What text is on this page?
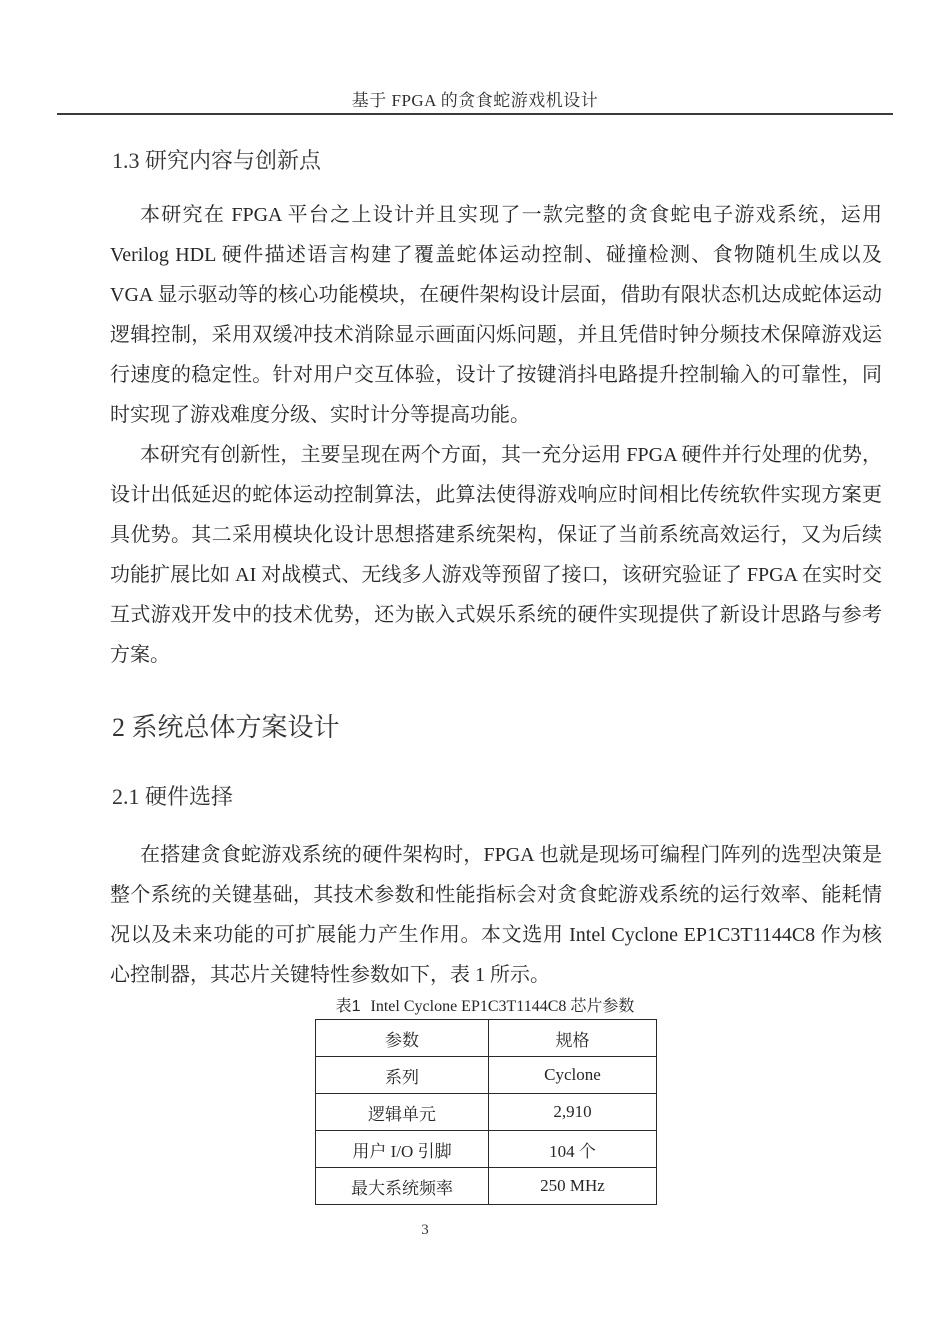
基于 FPGA 的贪食蛇游戏机设计
1.3 研究内容与创新点
本研究在 FPGA 平台之上设计并且实现了一款完整的贪食蛇电子游戏系统，运用 Verilog HDL 硬件描述语言构建了覆盖蛇体运动控制、碰撞检测、食物随机生成以及 VGA 显示驱动等的核心功能模块，在硬件架构设计层面，借助有限状态机达成蛇体运动逻辑控制，采用双缓冲技术消除显示画面闪烁问题，并且凭借时钟分频技术保障游戏运行速度的稳定性。针对用户交互体验，设计了按键消抖电路提升控制输入的可靠性，同时实现了游戏难度分级、实时计分等提高功能。
本研究有创新性，主要呈现在两个方面，其一充分运用 FPGA 硬件并行处理的优势，设计出低延迟的蛇体运动控制算法，此算法使得游戏响应时间相比传统软件实现方案更具优势。其二采用模块化设计思想搭建系统架构，保证了当前系统高效运行，又为后续功能扩展比如 AI 对战模式、无线多人游戏等预留了接口，该研究验证了 FPGA 在实时交互式游戏开发中的技术优势，还为嵌入式娱乐系统的硬件实现提供了新设计思路与参考方案。
2 系统总体方案设计
2.1 硬件选择
在搭建贪食蛇游戏系统的硬件架构时，FPGA 也就是现场可编程门阵列的选型决策是整个系统的关键基础，其技术参数和性能指标会对贪食蛇游戏系统的运行效率、能耗情况以及未来功能的可扩展能力产生作用。本文选用 Intel Cyclone EP1C3T1144C8 作为核心控制器，其芯片关键特性参数如下，表 1 所示。
表1 Intel Cyclone EP1C3T1144C8 芯片参数
参数	规格
系列	Cyclone
逻辑单元	2,910
用户 I/O 引脚	104 个
最大系统频率	250 MHz
3
